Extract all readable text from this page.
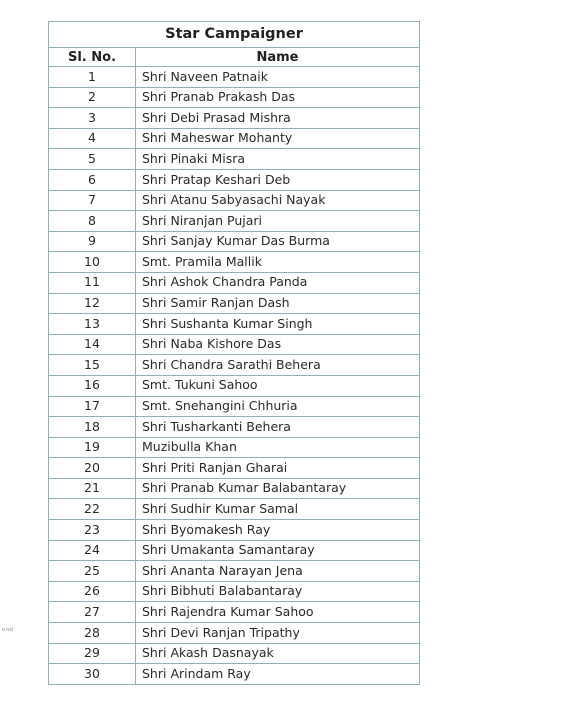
Star Campaigner	
Sl. No.	Name
1	Shri Naveen Patnaik
2	Shri Pranab Prakash Das
3	Shri Debi Prasad Mishra
4	Shri Maheswar Mohanty
5	Shri Pinaki Misra
6	Shri Pratap Keshari Deb
7	Shri Atanu Sabyasachi Nayak
8	Shri Niranjan Pujari
9	Shri Sanjay Kumar Das Burma
10	Smt. Pramila Mallik
11	Shri Ashok Chandra Panda
12	Shri Samir Ranjan Dash
13	Shri Sushanta Kumar Singh
14	Shri Naba Kishore Das
15	Shri Chandra Sarathi Behera
16	Smt. Tukuni Sahoo
17	Smt. Snehangini Chhuria
18	Shri Tusharkanti Behera
19	Muzibulla Khan
20	Shri Priti Ranjan Gharai
21	Shri Pranab Kumar Balabantaray
22	Shri Sudhir Kumar Samal
23	Shri Byomakesh Ray
24	Shri Umakanta Samantaray
25	Shri Ananta Narayan Jena
26	Shri Bibhuti Balabantaray
27	Shri Rajendra Kumar Sahoo
28	Shri Devi Ranjan Tripathy
29	Shri Akash Dasnayak
30	Shri Arindam Ray
ᵉⁿᵈ
